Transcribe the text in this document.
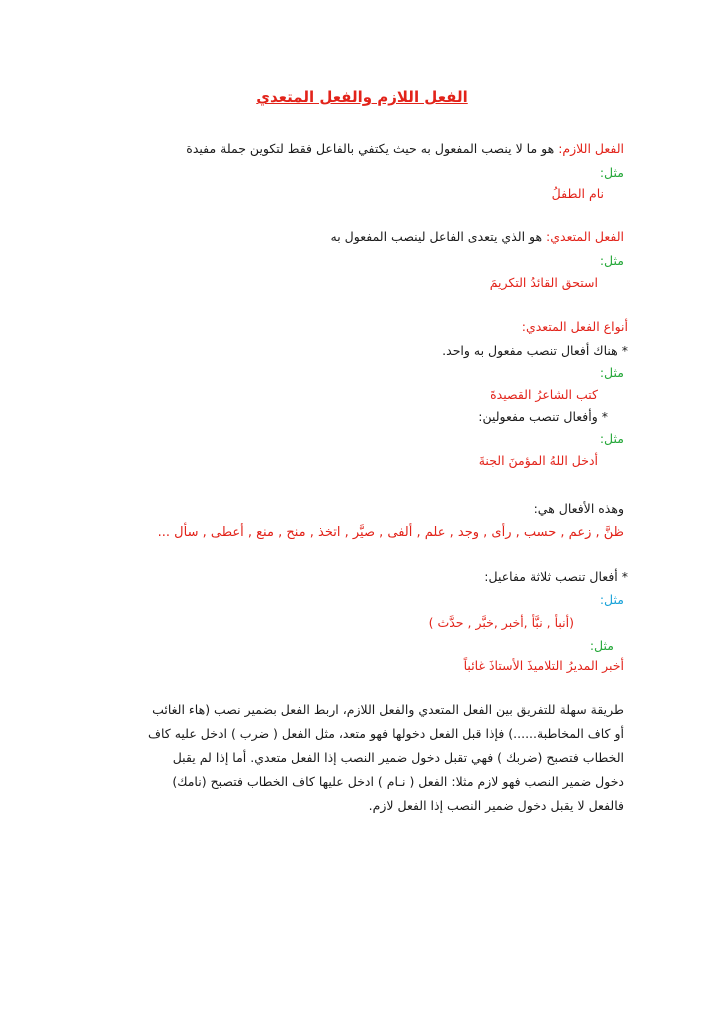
الفعل اللازم والفعل المتعدي
الفعل اللازم: هو ما لا ينصب المفعول به حيث يكتفي بالفاعل فقط لتكوين جملة مفيدة
مثل:
نام الطفلُ
الفعل المتعدي: هو الذي يتعدى الفاعل لينصب المفعول به
مثل:
استحق القائدُ التكريمَ
أنواع الفعل المتعدي:
* هناك أفعال تنصب مفعول به واحد.
مثل:
كتب الشاعرُ القصيدةَ
* وأفعال تنصب مفعولين:
مثل:
أدخل اللهُ المؤمنَ الجنةَ
وهذه الأفعال هي:
ظنَّ , زعم , حسب , رأى , وجد , علم , ألفى , صيَّر , اتخذ , منح , منع , أعطى , سأل ...
* أفعال تنصب ثلاثة مفاعيل:
مثل:
(أنبأ , نبَّأ ,أخبر ,خبَّر , حدَّث )
مثل:
أخبر المديرُ التلاميذَ الأستاذَ غائباً
طريقة سهلة للتفريق بين الفعل المتعدي والفعل اللازم، اربط الفعل بضمير نصب (هاء الغائب
أو كاف المخاطبة......) فإذا قبل الفعل دخولها فهو متعد، مثل الفعل ( ضرب ) ادخل عليه كاف
الخطاب فتصبح (ضربك ) فهي تقبل دخول ضمير النصب إذا الفعل متعدي. أما إذا لم يقبل
دخول ضمير النصب فهو لازم مثلا: الفعل ( نـام ) ادخل عليها كاف الخطاب فتصبح (نامك)
فالفعل لا يقبل دخول ضمير النصب إذا الفعل لازم.
